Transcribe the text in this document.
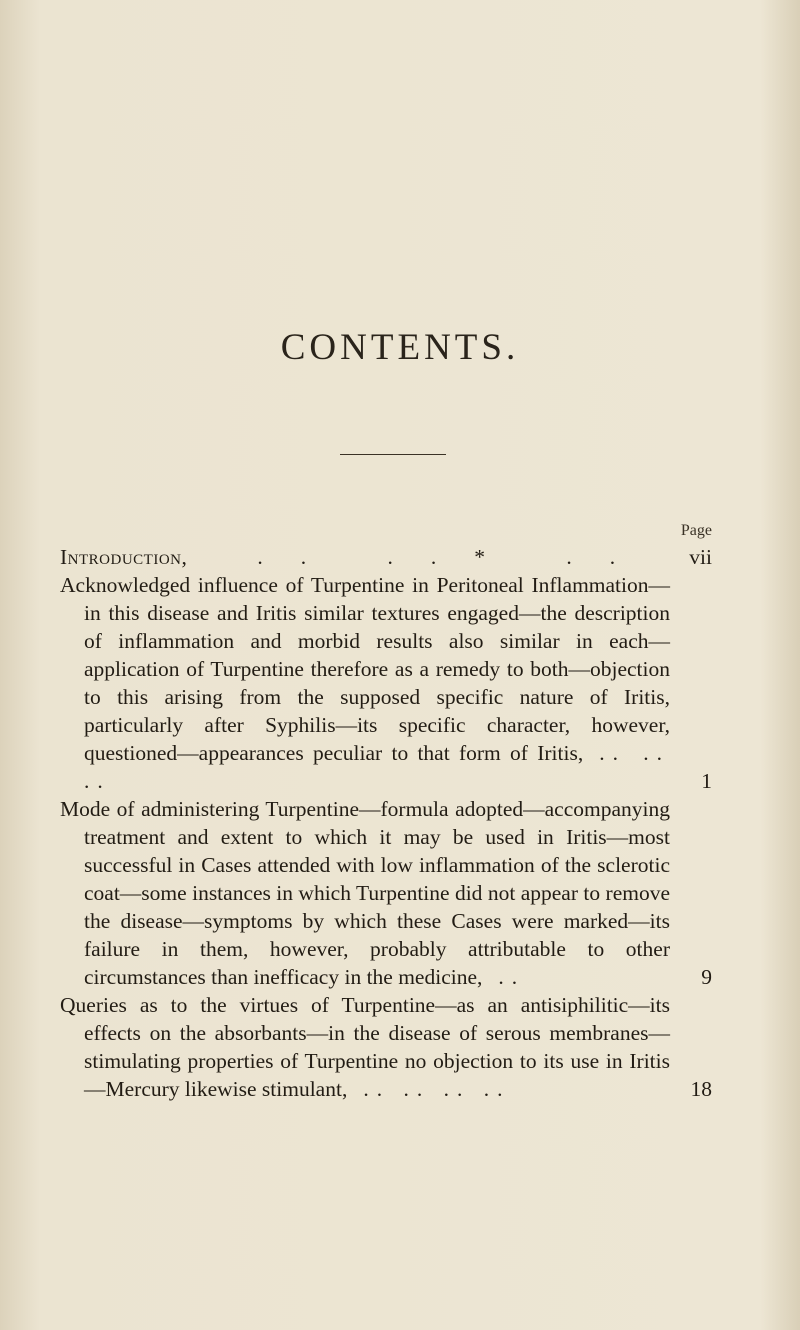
CONTENTS.
Page
Introduction,	.. ..* ..	vii
Acknowledged influence of Turpentine in Peritoneal Inflammation—in this disease and Iritis similar textures engaged—the description of inflammation and morbid results also similar in each—application of Turpentine therefore as a remedy to both—objection to this arising from the supposed specific nature of Iritis, particularly after Syphilis—its specific character, however, questioned—appearances peculiar to that form of Iritis, .. .. ..	1
Mode of administering Turpentine—formula adopted—accompanying treatment and extent to which it may be used in Iritis—most successful in Cases attended with low inflammation of the sclerotic coat—some instances in which Turpentine did not appear to remove the disease—symptoms by which these Cases were marked—its failure in them, however, probably attributable to other circumstances than inefficacy in the medicine, ..	9
Queries as to the virtues of Turpentine—as an antisiphilitic—its effects on the absorbants—in the disease of serous membranes—stimulating properties of Turpentine no objection to its use in Iritis—Mercury likewise stimulant, .. .. .. ..	18
